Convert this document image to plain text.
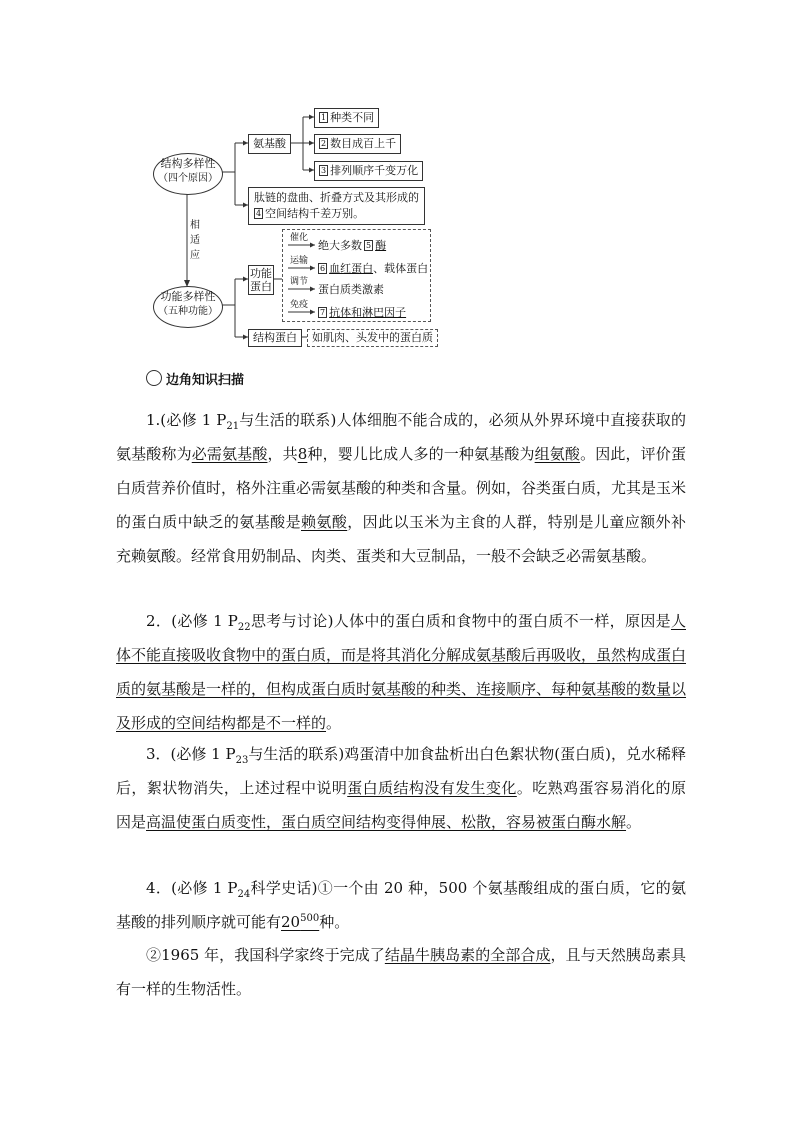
结构多样性
（四个原因）
氨基酸
1 种类不同
2 数目成百上千
3 排列顺序千变万化
肽链的盘曲、折叠方式及其形成的
4 空间结构千差万别。
相适应
功能多样性
（五种功能）
功能蛋白
催化
绝大多数 5 酶
运输
6 血红蛋白、载体蛋白
调节
蛋白质类激素
免疫
7 抗体和淋巴因子
结构蛋白	如肌肉、头发中的蛋白质
边角知识扫描
1.(必修 1 $P_{21}$与生活的联系)人体细胞不能合成的，必须从外界环境中直接获取的氨基酸称为必需氨基酸，共8种，婴儿比成人多的一种氨基酸为组氨酸。因此，评价蛋白质营养价值时，格外注重必需氨基酸的种类和含量。例如，谷类蛋白质，尤其是玉米的蛋白质中缺乏的氨基酸是赖氨酸，因此以玉米为主食的人群，特别是儿童应额外补充赖氨酸。经常食用奶制品、肉类、蛋类和大豆制品，一般不会缺乏必需氨基酸。
2．(必修 1 $P_{22}$思考与讨论)人体中的蛋白质和食物中的蛋白质不一样，原因是人体不能直接吸收食物中的蛋白质，而是将其消化分解成氨基酸后再吸收，虽然构成蛋白质的氨基酸是一样的，但构成蛋白质时氨基酸的种类、连接顺序、每种氨基酸的数量以及形成的空间结构都是不一样的。
3．(必修 1 $P_{23}$与生活的联系)鸡蛋清中加食盐析出白色絮状物(蛋白质)，兑水稀释后，絮状物消失，上述过程中说明蛋白质结构没有发生变化。吃熟鸡蛋容易消化的原因是高温使蛋白质变性，蛋白质空间结构变得伸展、松散，容易被蛋白酶水解。
4．(必修 1 $P_{24}$科学史话)①一个由 20 种，500 个氨基酸组成的蛋白质，它的氨基酸的排列顺序就可能有$20^{500}$种。
②1965 年，我国科学家终于完成了结晶牛胰岛素的全部合成，且与天然胰岛素具有一样的生物活性。
